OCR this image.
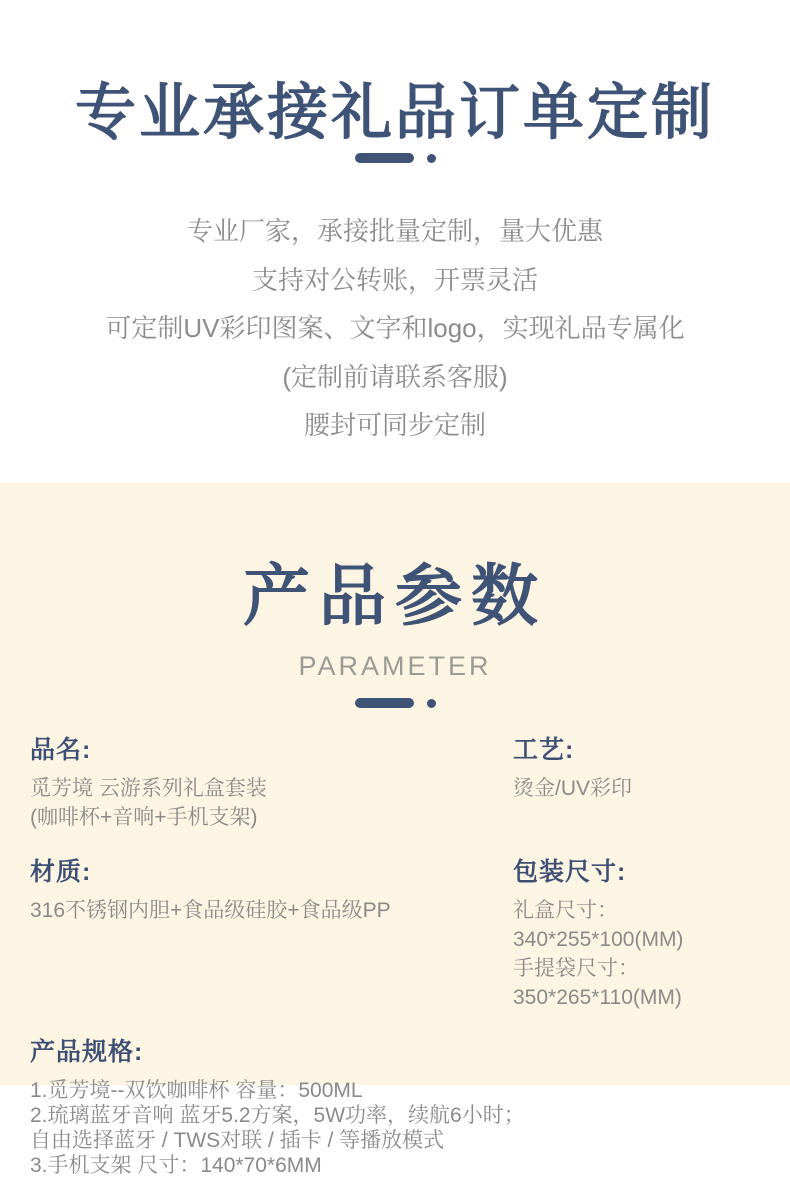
专业承接礼品订单定制
专业厂家，承接批量定制，量大优惠
支持对公转账，开票灵活
可定制UV彩印图案、文字和logo，实现礼品专属化
(定制前请联系客服)
腰封可同步定制
产品参数
PARAMETER
品名:
觅芳境 云游系列礼盒套装
(咖啡杯+音响+手机支架)
工艺:
烫金/UV彩印
材质:
316不锈钢内胆+食品级硅胶+食品级PP
包装尺寸:
礼盒尺寸：340*255*100(MM)
手提袋尺寸：350*265*110(MM)
产品规格:
1.觅芳境--双饮咖啡杯 容量：500ML
2.琉璃蓝牙音响 蓝牙5.2方案，5W功率，续航6小时；
自由选择蓝牙 / TWS对联 / 插卡 / 等播放模式
3.手机支架 尺寸：140*70*6MM
